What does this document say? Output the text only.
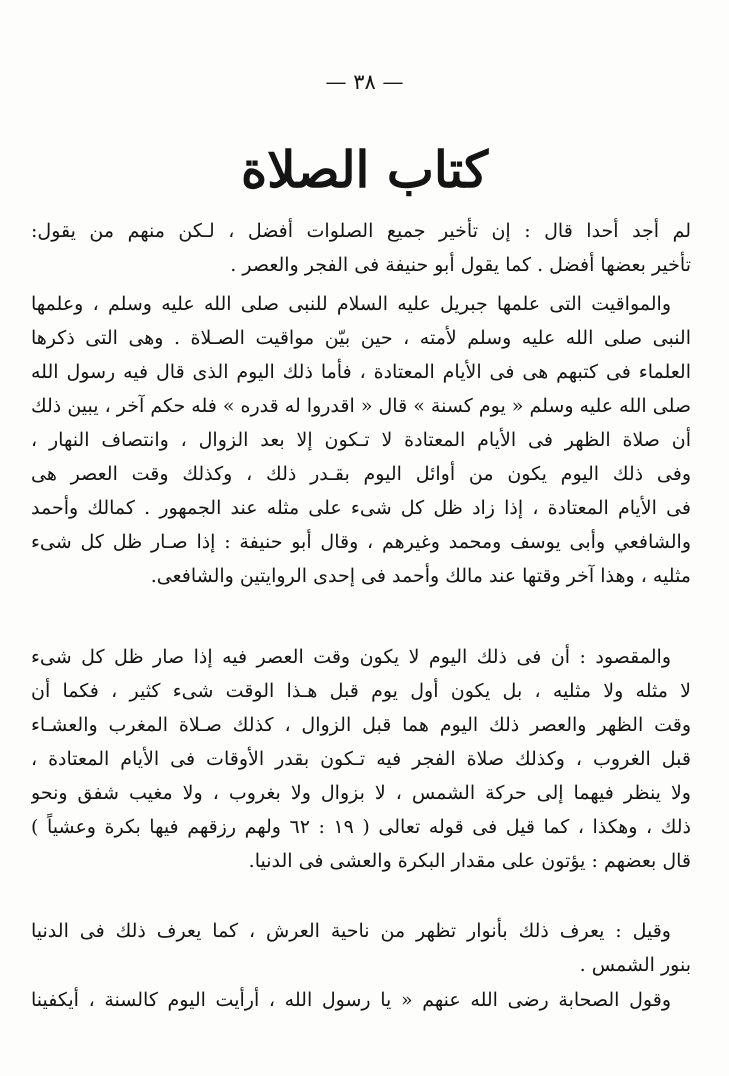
— ٣٨ —
كتاب الصلاة
لم أجد أحدا قال : إن تأخير جميع الصلوات أفضل ، لـكن منهم من يقول:
تأخير بعضها أفضل . كما يقول أبو حنيفة فى الفجر والعصر .
والمواقيت التى علمها جبريل عليه السلام للنبى صلى الله عليه وسلم ، وعلمها
النبى صلى الله عليه وسلم لأمته ، حين بيّن مواقيت الصـلاة . وهى التى ذكرها
العلماء فى كتبهم هى فى الأيام المعتادة ، فأما ذلك اليوم الذى قال فيه رسول الله
صلى الله عليه وسلم « يوم كسنة » قال « اقدروا له قدره » فله حكم آخر ، يبين ذلك
أن صلاة الظهر فى الأيام المعتادة لا تـكون إلا بعد الزوال ، وانتصاف النهار ،
وفى ذلك اليوم يكون من أوائل اليوم بقـدر ذلك ، وكذلك وقت العصر هى
فى الأيام المعتادة ، إذا زاد ظل كل شىء على مثله عند الجمهور . كمالك وأحمد
والشافعي وأبى يوسف ومحمد وغيرهم ، وقال أبو حنيفة : إذا صـار ظل كل شىء
مثليه ، وهذا آخر وقتها عند مالك وأحمد فى إحدى الروايتين والشافعى.
والمقصود : أن فى ذلك اليوم لا يكون وقت العصر فيه إذا صار ظل كل شىء
لا مثله ولا مثليه ، بل يكون أول يوم قبل هـذا الوقت شىء كثير ، فكما أن
وقت الظهر والعصر ذلك اليوم هما قبل الزوال ، كذلك صـلاة المغرب والعشـاء
قبل الغروب ، وكذلك صلاة الفجر فيه تـكون بقدر الأوقات فى الأيام المعتادة ،
ولا ينظر فيهما إلى حركة الشمس ، لا بزوال ولا بغروب ، ولا مغيب شفق ونحو
ذلك ، وهكذا ، كما قيل فى قوله تعالى ( ١٩ : ٦٢ ولهم رزقهم فيها بكرة وعشياً )
قال بعضهم : يؤتون على مقدار البكرة والعشى فى الدنيا.
وقيل : يعرف ذلك بأنوار تظهر من ناحية العرش ، كما يعرف ذلك فى الدنيا
بنور الشمس .
وقول الصحابة رضى الله عنهم « يا رسول الله ، أرأيت اليوم كالسنة ، أيكفينا
